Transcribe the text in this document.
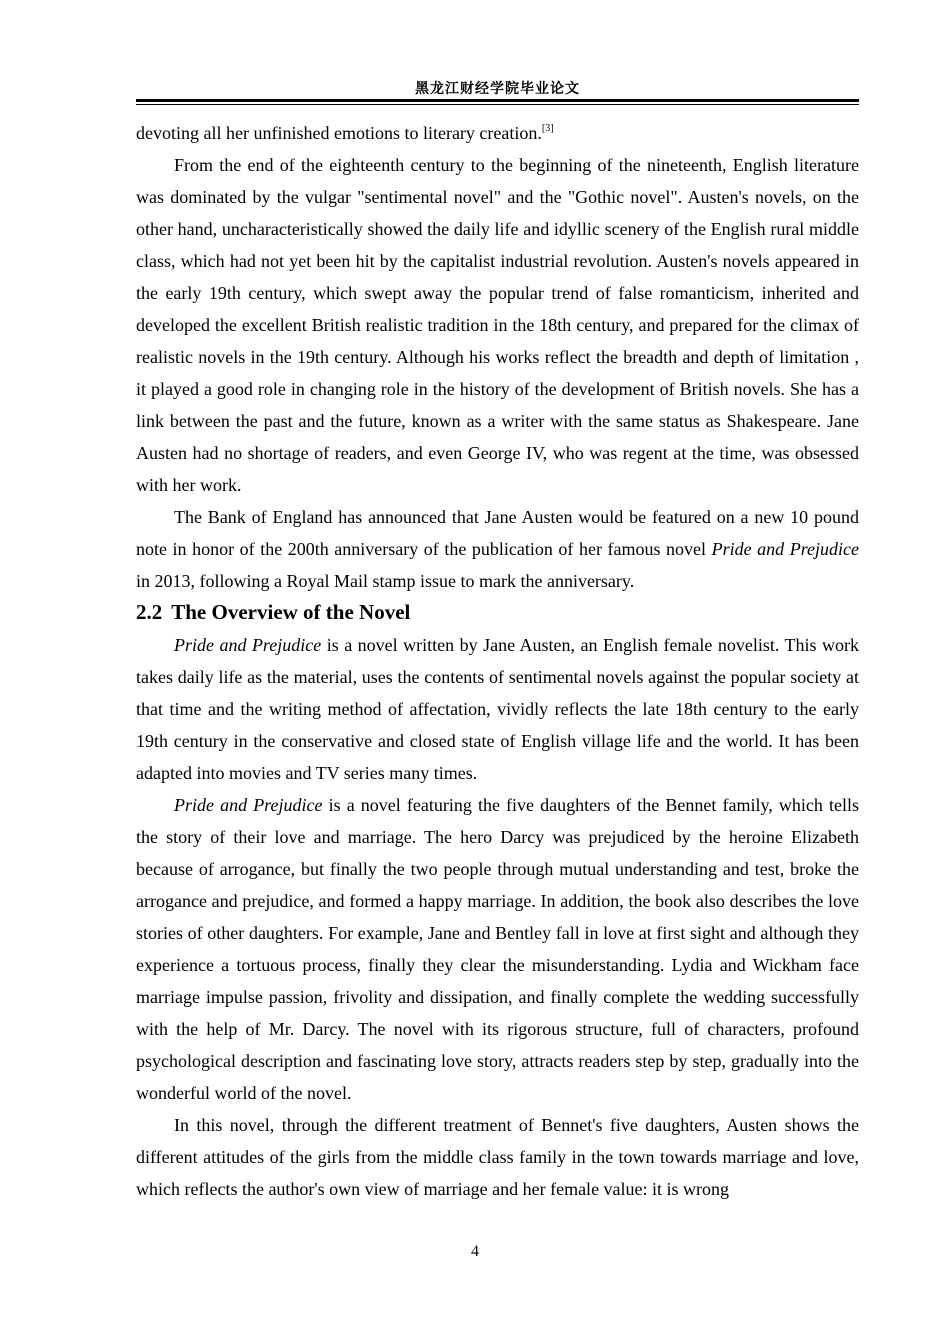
黑龙江财经学院毕业论文

devoting all her unfinished emotions to literary creation.[3]

From the end of the eighteenth century to the beginning of the nineteenth, English literature was dominated by the vulgar "sentimental novel" and the "Gothic novel". Austen's novels, on the other hand, uncharacteristically showed the daily life and idyllic scenery of the English rural middle class, which had not yet been hit by the capitalist industrial revolution. Austen's novels appeared in the early 19th century, which swept away the popular trend of false romanticism, inherited and developed the excellent British realistic tradition in the 18th century, and prepared for the climax of realistic novels in the 19th century. Although his works reflect the breadth and depth of limitation , it played a good role in changing role in the history of the development of British novels. She has a link between the past and the future, known as a writer with the same status as Shakespeare. Jane Austen had no shortage of readers, and even George IV, who was regent at the time, was obsessed with her work.

The Bank of England has announced that Jane Austen would be featured on a new 10 pound note in honor of the 200th anniversary of the publication of her famous novel Pride and Prejudice in 2013, following a Royal Mail stamp issue to mark the anniversary.

2.2 The Overview of the Novel

Pride and Prejudice is a novel written by Jane Austen, an English female novelist. This work takes daily life as the material, uses the contents of sentimental novels against the popular society at that time and the writing method of affectation, vividly reflects the late 18th century to the early 19th century in the conservative and closed state of English village life and the world. It has been adapted into movies and TV series many times.

Pride and Prejudice is a novel featuring the five daughters of the Bennet family, which tells the story of their love and marriage. The hero Darcy was prejudiced by the heroine Elizabeth because of arrogance, but finally the two people through mutual understanding and test, broke the arrogance and prejudice, and formed a happy marriage. In addition, the book also describes the love stories of other daughters. For example, Jane and Bentley fall in love at first sight and although they experience a tortuous process, finally they clear the misunderstanding. Lydia and Wickham face marriage impulse passion, frivolity and dissipation, and finally complete the wedding successfully with the help of Mr. Darcy. The novel with its rigorous structure, full of characters, profound psychological description and fascinating love story, attracts readers step by step, gradually into the wonderful world of the novel.

In this novel, through the different treatment of Bennet's five daughters, Austen shows the different attitudes of the girls from the middle class family in the town towards marriage and love, which reflects the author's own view of marriage and her female value: it is wrong

4
